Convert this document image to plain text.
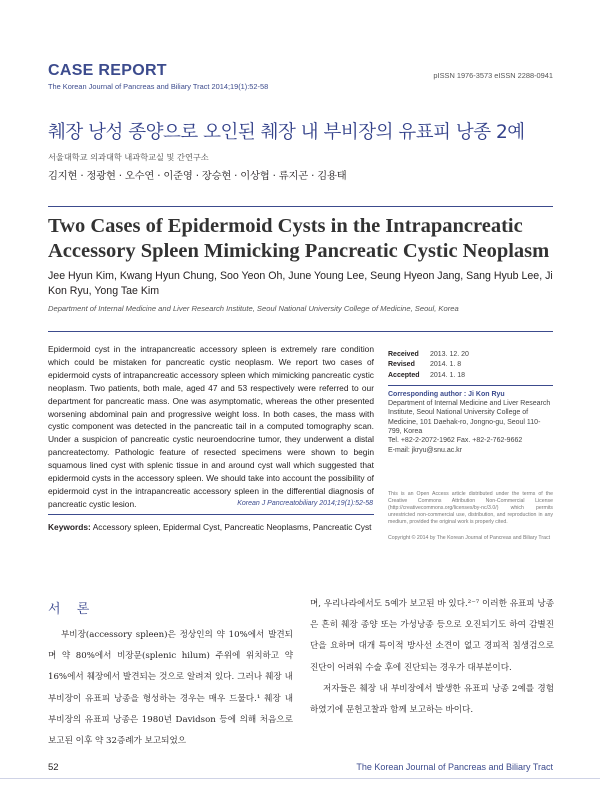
CASE REPORT
The Korean Journal of Pancreas and Biliary Tract 2014;19(1):52-58
pISSN 1976-3573 eISSN 2288-0941
췌장 낭성 종양으로 오인된 췌장 내 부비장의 유표피 낭종 2예
서울대학교 의과대학 내과학교실 및 간연구소
김지현 · 정광현 · 오수연 · 이준영 · 장승현 · 이상협 · 류지곤 · 김용태
Two Cases of Epidermoid Cysts in the Intrapancreatic Accessory Spleen Mimicking Pancreatic Cystic Neoplasm
Jee Hyun Kim, Kwang Hyun Chung, Soo Yeon Oh, June Young Lee, Seung Hyeon Jang, Sang Hyub Lee, Ji Kon Ryu, Yong Tae Kim
Department of Internal Medicine and Liver Research Institute, Seoul National University College of Medicine, Seoul, Korea
Epidermoid cyst in the intrapancreatic accessory spleen is extremely rare condition which could be mistaken for pancreatic cystic neoplasm. We report two cases of epidermoid cysts of intrapancreatic accessory spleen which mimicking pancreatic cystic neoplasm. Two patients, both male, aged 47 and 53 respectively were referred to our department for pancreatic mass. One was asymptomatic, whereas the other presented worsening abdominal pain and progressive weight loss. In both cases, the mass with cystic component was detected in the pancreatic tail in a computed tomography scan. Under a suspicion of pancreatic cystic neuroendocrine tumor, they underwent a distal pancreatectomy. Pathologic feature of resected specimens were shown to begin squamous lined cyst with splenic tissue in and around cyst wall which suggested that epidermoid cysts in the accessory spleen. We should take into account the possibility of epidermoid cyst in the intrapancreatic accessory spleen in the differential diagnosis of pancreatic cystic lesion.	Korean J Pancreatobiliary 2014;19(1):52-58
Keywords: Accessory spleen, Epidermal Cyst, Pancreatic Neoplasms, Pancreatic Cyst
Received	2013. 12. 20
Revised	2014. 1. 8
Accepted	2014. 1. 18
Corresponding author : Ji Kon Ryu
Department of Internal Medicine and Liver Research Institute, Seoul National University College of Medicine, 101 Daehak-ro, Jongno-gu, Seoul 110-799, Korea
Tel. +82-2-2072-1962 Fax. +82-2-762-9662
E-mail: jkryu@snu.ac.kr
This is an Open Access article distributed under the terms of the Creative Commons Attribution Non-Commercial License (http://creativecommons.org/licenses/by-nc/3.0/) which permits unrestricted non-commercial use, distribution, and reproduction in any medium, provided the original work is properly cited.
Copyright © 2014 by The Korean Journal of Pancreas and Biliary Tract
서 론

부비장(accessory spleen)은 정상인의 약 10%에서 발견되며 약 80%에서 비장문(splenic hilum) 주위에 위치하고 약 16%에서 췌장에서 발견되는 것으로 알려져 있다. 그러나 췌장 내 부비장이 유표피 낭종을 형성하는 경우는 매우 드물다.¹ 췌장 내 부비장의 유표피 낭종은 1980년 Davidson 등에 의해 처음으로 보고된 이후 약 32증례가 보고되었으

며, 우리나라에서도 5예가 보고된 바 있다.²⁻⁷ 이러한 유표피 낭종은 흔히 췌장 종양 또는 가성낭종 등으로 오진되기도 하여 감별진단을 요하며 대개 특이적 방사선 소견이 없고 경피적 침생검으로 진단이 어려워 수술 후에 진단되는 경우가 대부분이다.

저자들은 췌장 내 부비장에서 발생한 유표피 낭종 2예를 경험하였기에 문헌고찰과 함께 보고하는 바이다.

52	The Korean Journal of Pancreas and Biliary Tract
